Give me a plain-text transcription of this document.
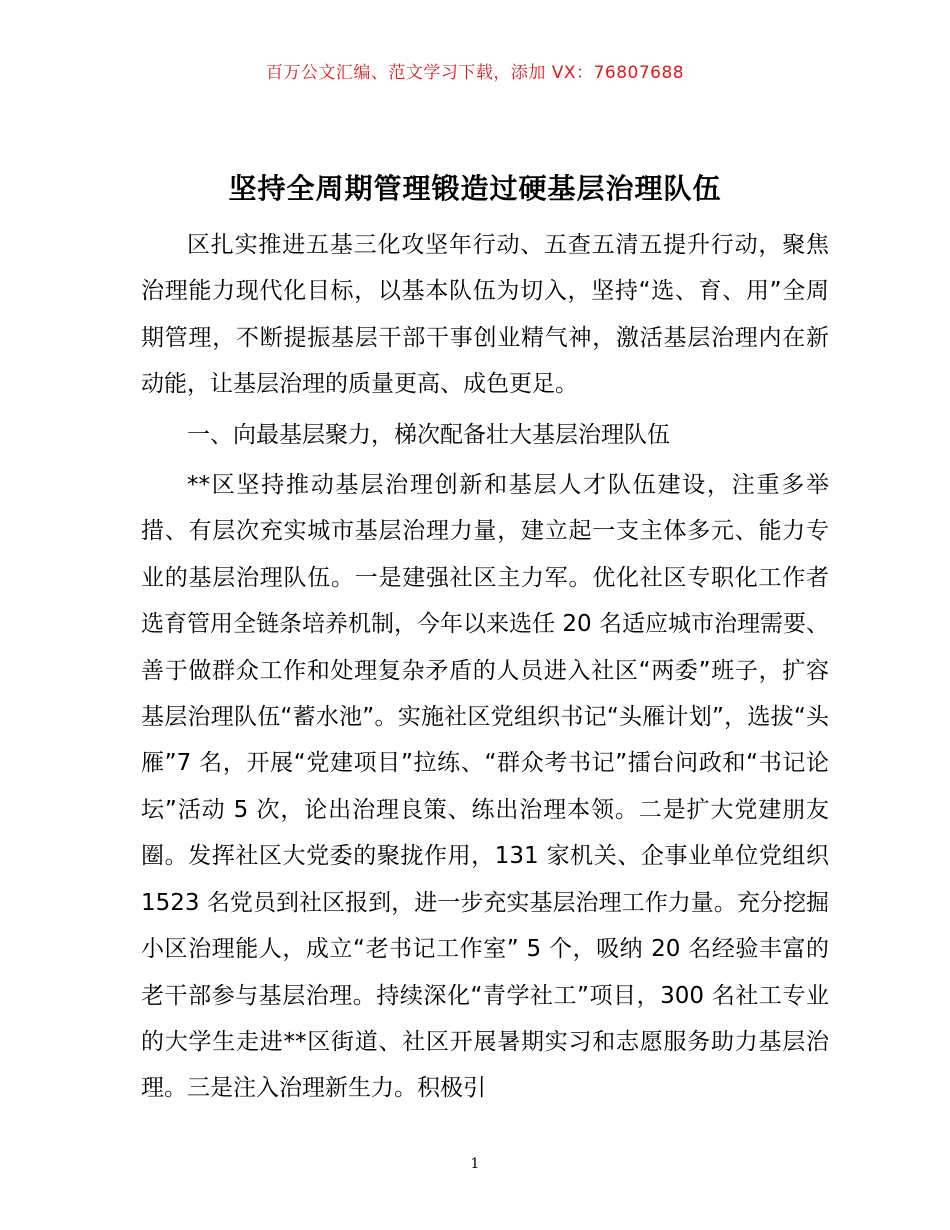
百万公文汇编、范文学习下载，添加 VX：76807688
坚持全周期管理锻造过硬基层治理队伍

区扎实推进五基三化攻坚年行动、五查五清五提升行动，聚焦治理能力现代化目标，以基本队伍为切入，坚持“选、育、用”全周期管理，不断提振基层干部干事创业精气神，激活基层治理内在新动能，让基层治理的质量更高、成色更足。

一、向最基层聚力，梯次配备壮大基层治理队伍

**区坚持推动基层治理创新和基层人才队伍建设，注重多举措、有层次充实城市基层治理力量，建立起一支主体多元、能力专业的基层治理队伍。一是建强社区主力军。优化社区专职化工作者选育管用全链条培养机制，今年以来选任 20 名适应城市治理需要、善于做群众工作和处理复杂矛盾的人员进入社区“两委”班子，扩容基层治理队伍“蓄水池”。实施社区党组织书记“头雁计划”，选拔“头雁”7 名，开展“党建项目”拉练、“群众考书记”擂台问政和“书记论坛”活动 5 次，论出治理良策、练出治理本领。二是扩大党建朋友圈。发挥社区大党委的聚拢作用，131 家机关、企事业单位党组织 1523 名党员到社区报到，进一步充实基层治理工作力量。充分挖掘小区治理能人，成立“老书记工作室” 5 个，吸纳 20 名经验丰富的老干部参与基层治理。持续深化“青学社工”项目，300 名社工专业的大学生走进**区街道、社区开展暑期实习和志愿服务助力基层治理。三是注入治理新生力。积极引

1
